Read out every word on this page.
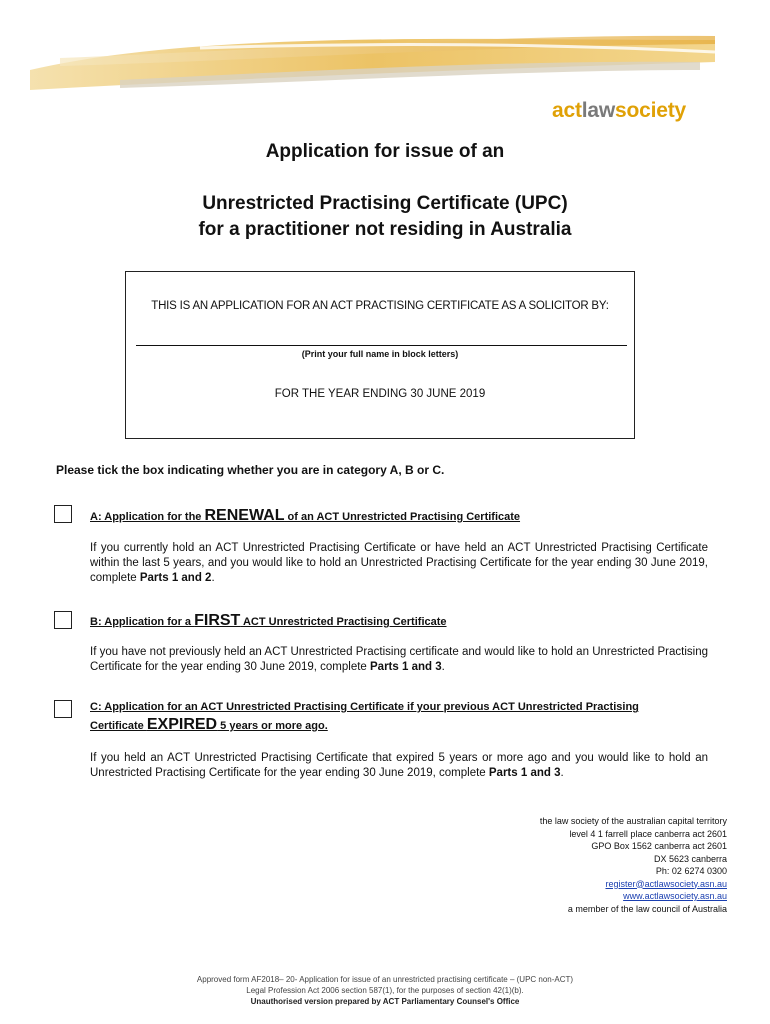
actlawsociety
Application for issue of an
Unrestricted Practising Certificate (UPC)
for a practitioner not residing in Australia
THIS IS AN APPLICATION FOR AN ACT PRACTISING CERTIFICATE AS A SOLICITOR BY:
(Print your full name in block letters)
FOR THE YEAR ENDING 30 JUNE 2019
Please tick the box indicating whether you are in category A, B or C.
A: Application for the RENEWAL of an ACT Unrestricted Practising Certificate
If you currently hold an ACT Unrestricted Practising Certificate or have held an ACT Unrestricted Practising Certificate within the last 5 years, and you would like to hold an Unrestricted Practising Certificate for the year ending 30 June 2019, complete Parts 1 and 2.
B: Application for a FIRST ACT Unrestricted Practising Certificate
If you have not previously held an ACT Unrestricted Practising certificate and would like to hold an Unrestricted Practising Certificate for the year ending 30 June 2019, complete Parts 1 and 3.
C: Application for an ACT Unrestricted Practising Certificate if your previous ACT Unrestricted Practising
Certificate EXPIRED 5 years or more ago.
If you held an ACT Unrestricted Practising Certificate that expired 5 years or more ago and you would like to hold an Unrestricted Practising Certificate for the year ending 30 June 2019, complete Parts 1 and 3.
the law society of the australian capital territory
level 4 1 farrell place canberra act 2601
GPO Box 1562 canberra act 2601
DX 5623 canberra
Ph: 02 6274 0300
register@actlawsociety.asn.au
www.actlawsociety.asn.au
a member of the law council of Australia
Approved form AF2018– 20- Application for issue of an unrestricted practising certificate – (UPC non-ACT)
Legal Profession Act 2006 section 587(1), for the purposes of section 42(1)(b).
Unauthorised version prepared by ACT Parliamentary Counsel's Office
